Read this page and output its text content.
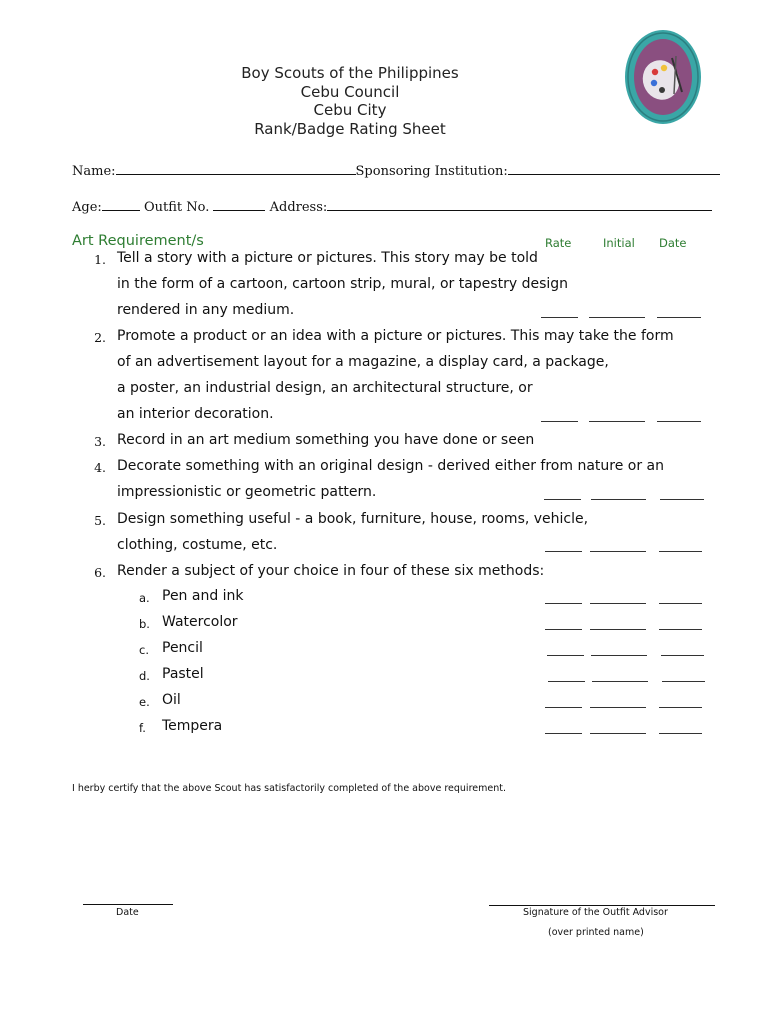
Boy Scouts of the Philippines
Cebu Council
Cebu City
Rank/Badge Rating Sheet
Name:	Sponsoring Institution:
Age:	Outfit No.	Address:
Art Requirement/s	Rate	Initial Date
1. Tell a story with a picture or pictures. This story may be told
in the form of a cartoon, cartoon strip, mural, or tapestry design
rendered in any medium.
2. Promote a product or an idea with a picture or pictures. This may take the form
of an advertisement layout for a magazine, a display card, a package,
a poster, an industrial design, an architectural structure, or
an interior decoration.
3. Record in an art medium something you have done or seen
4. Decorate something with an original design - derived either from nature or an
impressionistic or geometric pattern.
5. Design something useful - a book, furniture, house, rooms, vehicle,
clothing, costume, etc.
6. Render a subject of your choice in four of these six methods:
a. Pen and ink
b. Watercolor
c. Pencil
d. Pastel
e. Oil
f. Tempera
I herby certify that the above Scout has satisfactorily completed of the above requirement.
Date	Signature of the Outfit Advisor
(over printed name)
